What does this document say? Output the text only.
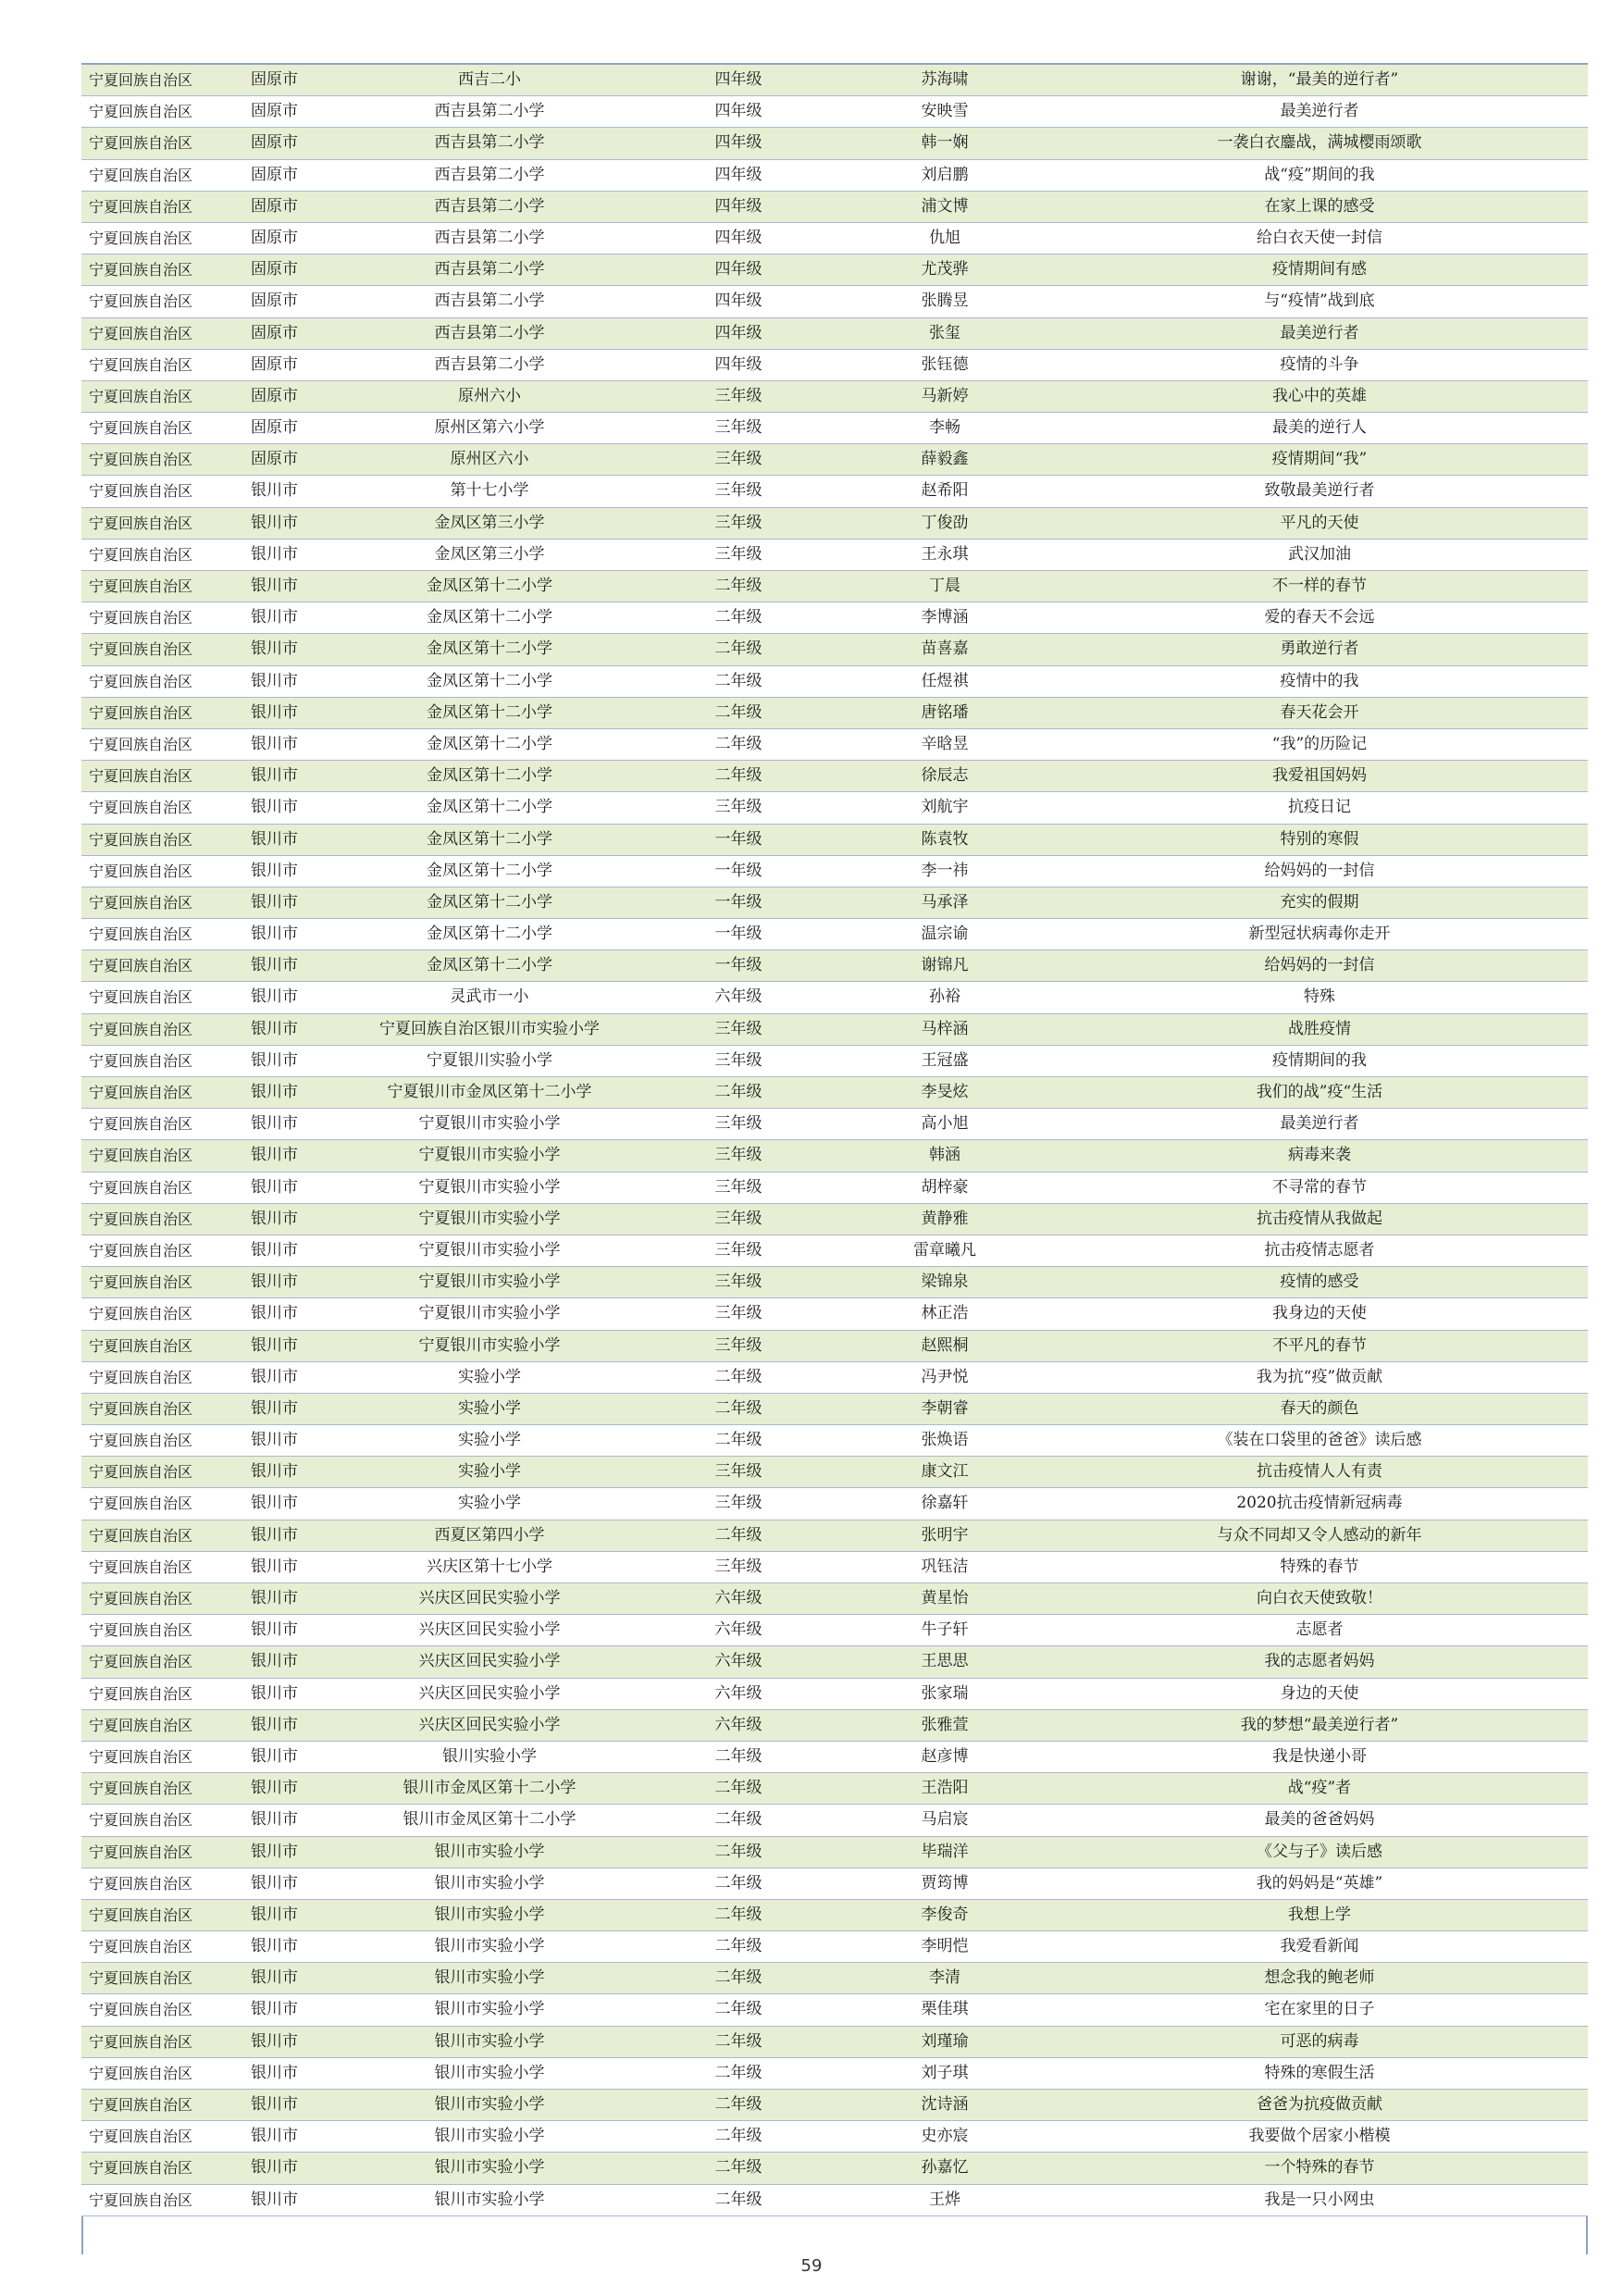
宁夏回族自治区	固原市	西吉二小	四年级	苏海啸	谢谢，“最美的逆行者”
宁夏回族自治区	固原市	西吉县第二小学	四年级	安映雪	最美逆行者
宁夏回族自治区	固原市	西吉县第二小学	四年级	韩一娴	一袭白衣鏖战，满城樱雨颂歌
宁夏回族自治区	固原市	西吉县第二小学	四年级	刘启鹏	战“疫”期间的我
宁夏回族自治区	固原市	西吉县第二小学	四年级	浦文博	在家上课的感受
宁夏回族自治区	固原市	西吉县第二小学	四年级	仇旭	给白衣天使一封信
宁夏回族自治区	固原市	西吉县第二小学	四年级	尤茂骅	疫情期间有感
宁夏回族自治区	固原市	西吉县第二小学	四年级	张腾昱	与“疫情”战到底
宁夏回族自治区	固原市	西吉县第二小学	四年级	张玺	最美逆行者
宁夏回族自治区	固原市	西吉县第二小学	四年级	张钰德	疫情的斗争
宁夏回族自治区	固原市	原州六小	三年级	马新婷	我心中的英雄
宁夏回族自治区	固原市	原州区第六小学	三年级	李畅	最美的逆行人
宁夏回族自治区	固原市	原州区六小	三年级	薛毅鑫	疫情期间“我”
宁夏回族自治区	银川市	第十七小学	三年级	赵希阳	致敬最美逆行者
宁夏回族自治区	银川市	金凤区第三小学	三年级	丁俊劭	平凡的天使
宁夏回族自治区	银川市	金凤区第三小学	三年级	王永琪	武汉加油
宁夏回族自治区	银川市	金凤区第十二小学	二年级	丁晨	不一样的春节
宁夏回族自治区	银川市	金凤区第十二小学	二年级	李博涵	爱的春天不会远
宁夏回族自治区	银川市	金凤区第十二小学	二年级	苗喜嘉	勇敢逆行者
宁夏回族自治区	银川市	金凤区第十二小学	二年级	任煜祺	疫情中的我
宁夏回族自治区	银川市	金凤区第十二小学	二年级	唐铭璠	春天花会开
宁夏回族自治区	银川市	金凤区第十二小学	二年级	辛晗昱	“我”的历险记
宁夏回族自治区	银川市	金凤区第十二小学	二年级	徐辰志	我爱祖国妈妈
宁夏回族自治区	银川市	金凤区第十二小学	三年级	刘航宇	抗疫日记
宁夏回族自治区	银川市	金凤区第十二小学	一年级	陈袁牧	特别的寒假
宁夏回族自治区	银川市	金凤区第十二小学	一年级	李一祎	给妈妈的一封信
宁夏回族自治区	银川市	金凤区第十二小学	一年级	马承泽	充实的假期
宁夏回族自治区	银川市	金凤区第十二小学	一年级	温宗谕	新型冠状病毒你走开
宁夏回族自治区	银川市	金凤区第十二小学	一年级	谢锦凡	给妈妈的一封信
宁夏回族自治区	银川市	灵武市一小	六年级	孙裕	特殊
宁夏回族自治区	银川市	宁夏回族自治区银川市实验小学	三年级	马梓涵	战胜疫情
宁夏回族自治区	银川市	宁夏银川实验小学	三年级	王冠盛	疫情期间的我
宁夏回族自治区	银川市	宁夏银川市金凤区第十二小学	二年级	李旻炫	我们的战”疫“生活
宁夏回族自治区	银川市	宁夏银川市实验小学	三年级	高小旭	最美逆行者
宁夏回族自治区	银川市	宁夏银川市实验小学	三年级	韩涵	病毒来袭
宁夏回族自治区	银川市	宁夏银川市实验小学	三年级	胡梓豪	不寻常的春节
宁夏回族自治区	银川市	宁夏银川市实验小学	三年级	黄静雅	抗击疫情从我做起
宁夏回族自治区	银川市	宁夏银川市实验小学	三年级	雷章曦凡	抗击疫情志愿者
宁夏回族自治区	银川市	宁夏银川市实验小学	三年级	梁锦泉	疫情的感受
宁夏回族自治区	银川市	宁夏银川市实验小学	三年级	林正浩	我身边的天使
宁夏回族自治区	银川市	宁夏银川市实验小学	三年级	赵熙桐	不平凡的春节
宁夏回族自治区	银川市	实验小学	二年级	冯尹悦	我为抗“疫”做贡献
宁夏回族自治区	银川市	实验小学	二年级	李朝睿	春天的颜色
宁夏回族自治区	银川市	实验小学	二年级	张焕语	《装在口袋里的爸爸》读后感
宁夏回族自治区	银川市	实验小学	三年级	康文江	抗击疫情人人有责
宁夏回族自治区	银川市	实验小学	三年级	徐嘉轩	2020抗击疫情新冠病毒
宁夏回族自治区	银川市	西夏区第四小学	二年级	张明宇	与众不同却又令人感动的新年
宁夏回族自治区	银川市	兴庆区第十七小学	三年级	巩钰洁	特殊的春节
宁夏回族自治区	银川市	兴庆区回民实验小学	六年级	黄星怡	向白衣天使致敬！
宁夏回族自治区	银川市	兴庆区回民实验小学	六年级	牛子轩	志愿者
宁夏回族自治区	银川市	兴庆区回民实验小学	六年级	王思思	我的志愿者妈妈
宁夏回族自治区	银川市	兴庆区回民实验小学	六年级	张家瑞	身边的天使
宁夏回族自治区	银川市	兴庆区回民实验小学	六年级	张雅萱	我的梦想“最美逆行者”
宁夏回族自治区	银川市	银川实验小学	二年级	赵彦博	我是快递小哥
宁夏回族自治区	银川市	银川市金凤区第十二小学	二年级	王浩阳	战“疫”者
宁夏回族自治区	银川市	银川市金凤区第十二小学	二年级	马启宸	最美的爸爸妈妈
宁夏回族自治区	银川市	银川市实验小学	二年级	毕瑞洋	《父与子》读后感
宁夏回族自治区	银川市	银川市实验小学	二年级	贾筠博	我的妈妈是“英雄”
宁夏回族自治区	银川市	银川市实验小学	二年级	李俊奇	我想上学
宁夏回族自治区	银川市	银川市实验小学	二年级	李明恺	我爱看新闻
宁夏回族自治区	银川市	银川市实验小学	二年级	李清	想念我的鲍老师
宁夏回族自治区	银川市	银川市实验小学	二年级	栗佳琪	宅在家里的日子
宁夏回族自治区	银川市	银川市实验小学	二年级	刘瑾瑜	可恶的病毒
宁夏回族自治区	银川市	银川市实验小学	二年级	刘子琪	特殊的寒假生活
宁夏回族自治区	银川市	银川市实验小学	二年级	沈诗涵	爸爸为抗疫做贡献
宁夏回族自治区	银川市	银川市实验小学	二年级	史亦宸	我要做个居家小楷模
宁夏回族自治区	银川市	银川市实验小学	二年级	孙嘉忆	一个特殊的春节
宁夏回族自治区	银川市	银川市实验小学	二年级	王烨	我是一只小网虫
59
